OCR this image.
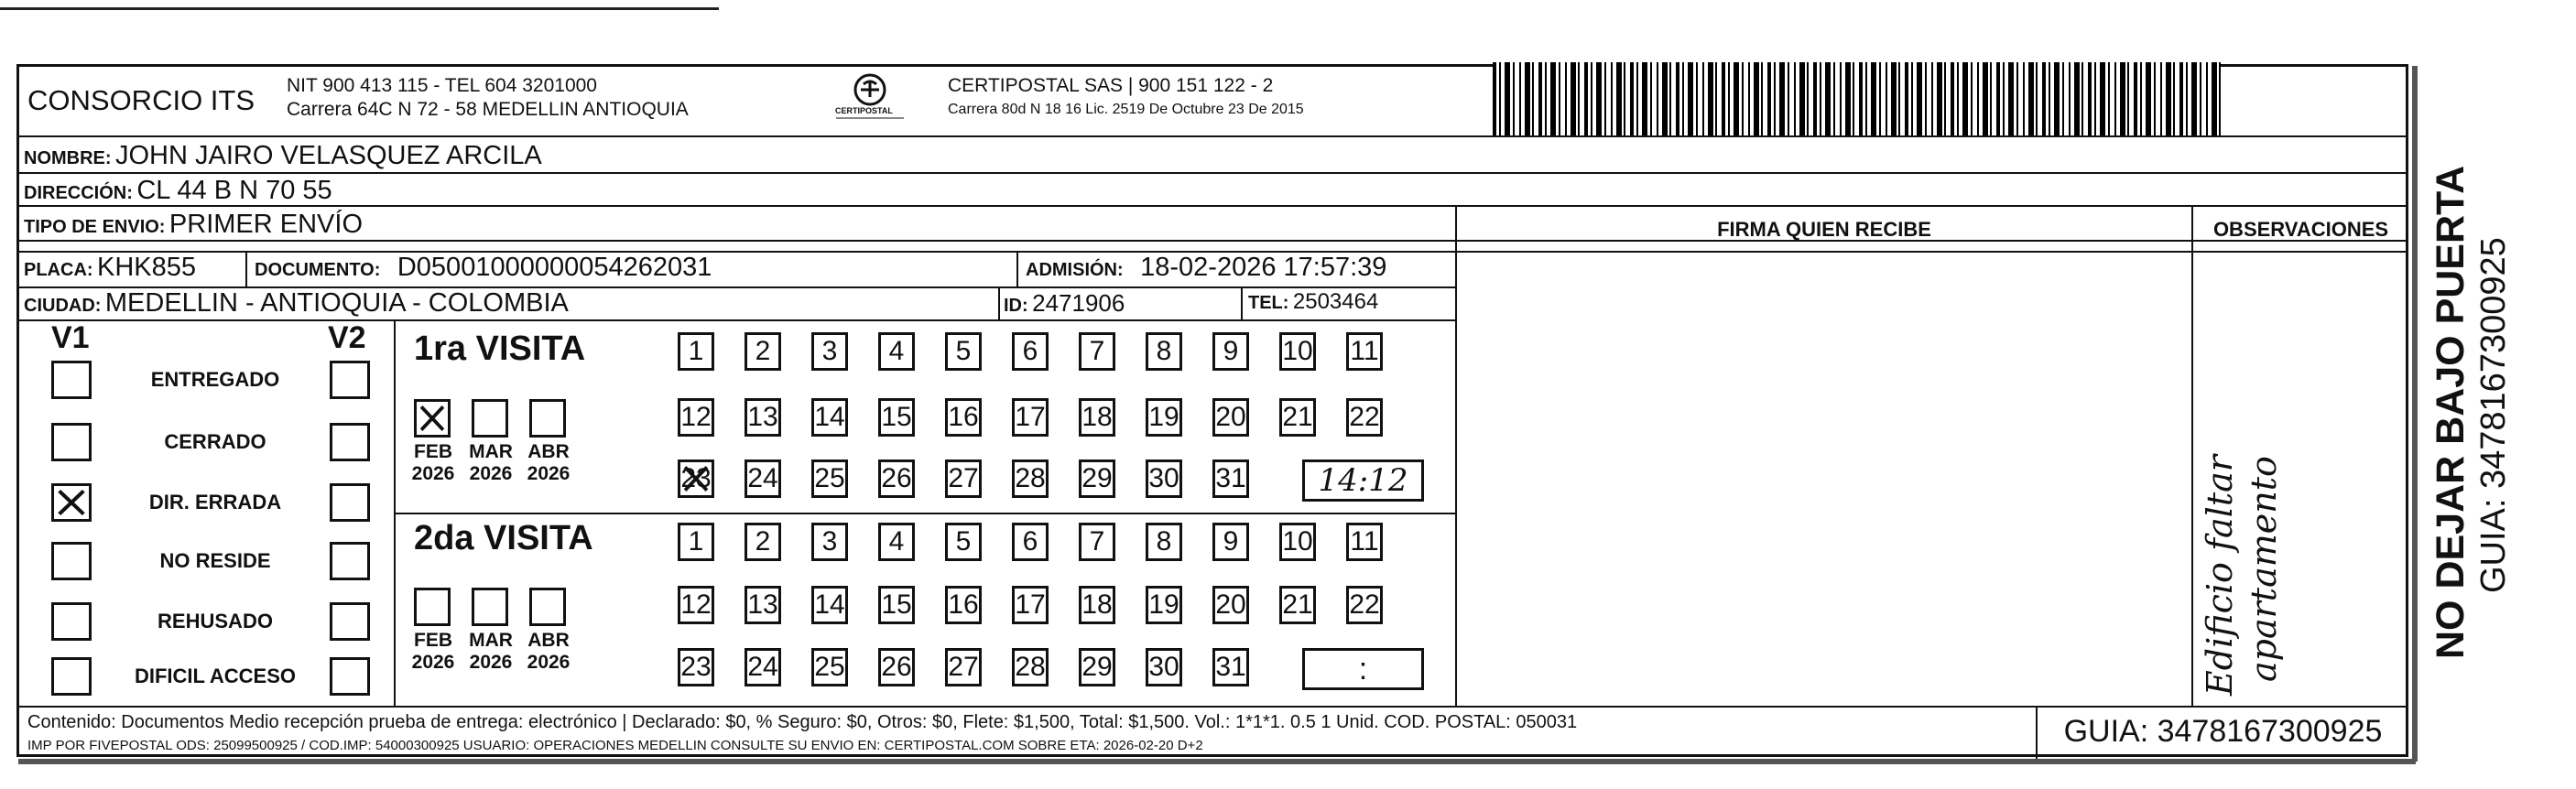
CONSORCIO ITS NIT 900 413 115 - TEL 604 3201000
Carrera 64C N 72 - 58 MEDELLIN ANTIOQUIA	CERTIPOSTAL
CERTIPOSTAL SAS | 900 151 122 - 2
Carrera 80d N 18 16 Lic. 2519 De Octubre 23 De 2015
NOMBRE: JOHN JAIRO VELASQUEZ ARCILA
DIRECCIÓN: CL 44 B N 70 55
TIPO DE ENVIO: PRIMER ENVÍO
PLACA: KHK855	DOCUMENTO: D05001000000054262031	ADMISIÓN: 18-02-2026 17:57:39
CIUDAD: MEDELLIN - ANTIOQUIA - COLOMBIA	ID: 2471906	TEL: 2503464
FIRMA QUIEN RECIBE	OBSERVACIONES
Edificio faltar apartamento
V1	V2
ENTREGADO
CERRADO
DIR. ERRADA
NO RESIDE
REHUSADO
DIFICIL ACCESO
1ra VISITA
FEB
2026
MAR
2026
ABR
2026
1	2	3	4	5	6	7	8	9	10 11
12 13 14 15 16 17 18 19 20 21 22
23 24 25 26 27 28 29 30 31	14:12
2da VISITA
FEB
2026
MAR
2026
ABR
2026
1	2	3	4	5	6	7	8	9	10 11
12 13 14 15 16 17 18 19 20 21 22
23 24 25 26 27 28 29 30 31	:
Contenido: Documentos Medio recepción prueba de entrega: electrónico | Declarado: $0, % Seguro: $0, Otros: $0, Flete: $1,500, Total: $1,500. Vol.: 1*1*1. 0.5 1 Unid. COD. POSTAL: 050031
IMP POR FIVEPOSTAL ODS: 25099500925 / COD.IMP: 54000300925 USUARIO: OPERACIONES MEDELLIN CONSULTE SU ENVIO EN: CERTIPOSTAL.COM SOBRE ETA: 2026-02-20 D+2	GUIA: 3478167300925
NO DEJAR BAJO PUERTA GUIA: 3478167300925
